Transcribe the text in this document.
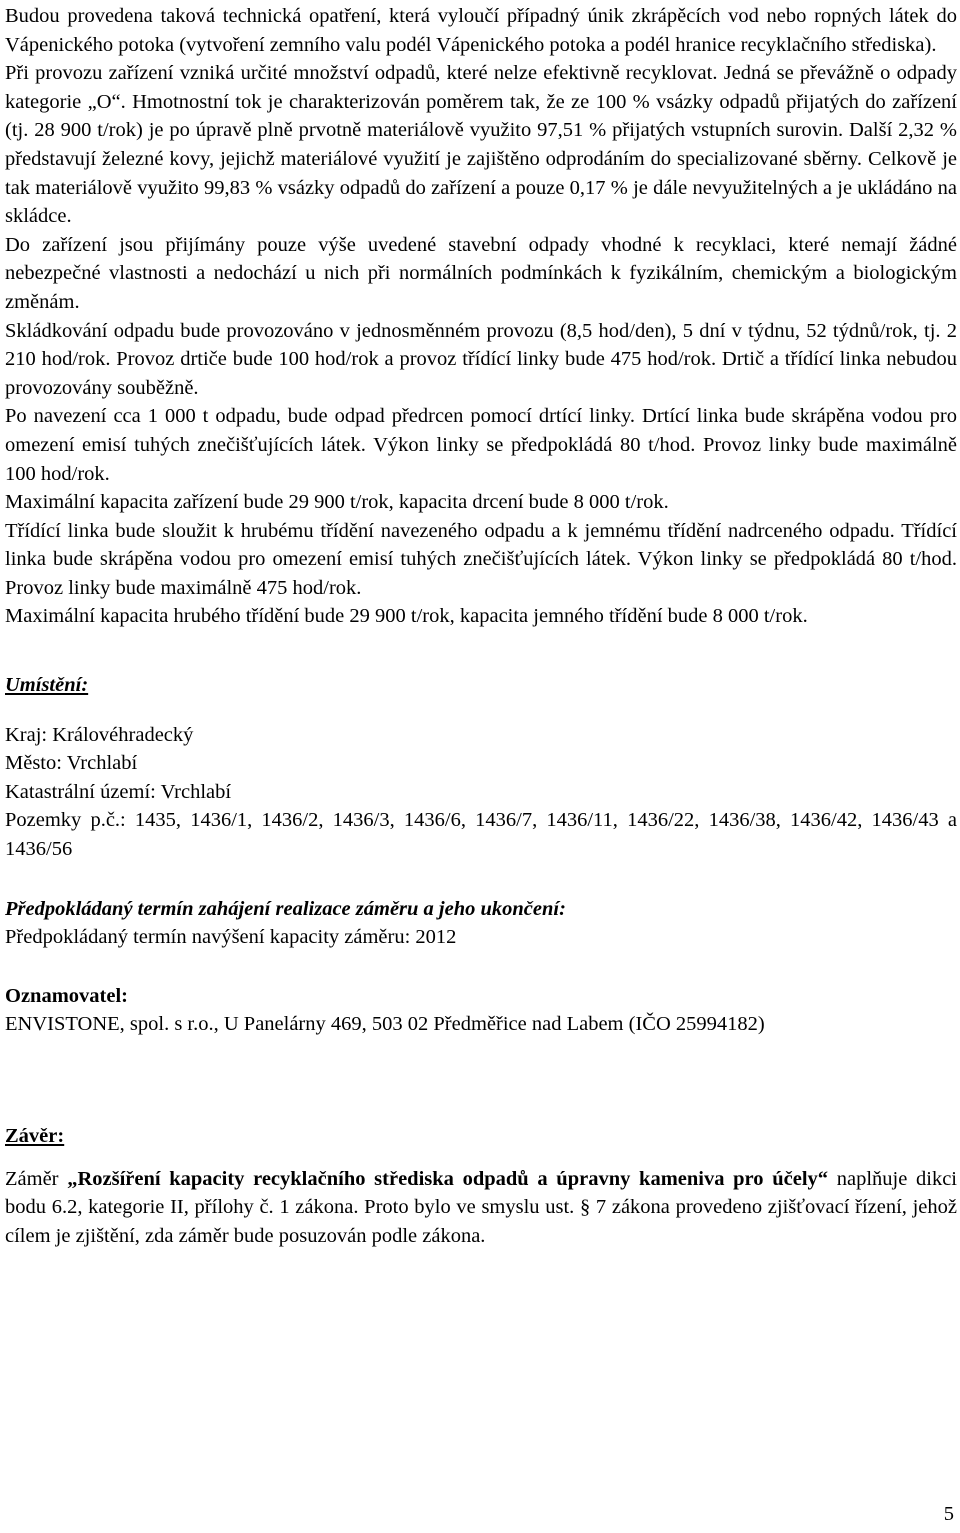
Budou provedena taková technická opatření, která vyloučí případný únik zkrápěcích vod nebo ropných látek do Vápenického potoka (vytvoření zemního valu podél Vápenického potoka a podél hranice recyklačního střediska).

Při provozu zařízení vzniká určité množství odpadů, které nelze efektivně recyklovat. Jedná se převážně o odpady kategorie „O“. Hmotnostní tok je charakterizován poměrem tak, že ze 100 % vsázky odpadů přijatých do zařízení (tj. 28 900 t/rok) je po úpravě plně prvotně materiálově využito 97,51 % přijatých vstupních surovin. Další 2,32 % představují železné kovy, jejichž materiálové využití je zajištěno odprodáním do specializované sběrny. Celkově je tak materiálově využito 99,83 % vsázky odpadů do zařízení a pouze 0,17 % je dále nevyužitelných a je ukládáno na skládce.

Do zařízení jsou přijímány pouze výše uvedené stavební odpady vhodné k recyklaci, které nemají žádné nebezpečné vlastnosti a nedochází u nich při normálních podmínkách k fyzikálním, chemickým a biologickým změnám.

Skládkování odpadu bude provozováno v jednosměnném provozu (8,5 hod/den), 5 dní v týdnu, 52 týdnů/rok, tj. 2 210 hod/rok. Provoz drtiče bude 100 hod/rok a provoz třídící linky bude 475 hod/rok. Drtič a třídící linka nebudou provozovány souběžně.

Po navezení cca 1 000 t odpadu, bude odpad předrcen pomocí drtící linky. Drtící linka bude skrápěna vodou pro omezení emisí tuhých znečišťujících látek. Výkon linky se předpokládá 80 t/hod. Provoz linky bude maximálně 100 hod/rok.

Maximální kapacita zařízení bude 29 900 t/rok, kapacita drcení bude 8 000 t/rok.

Třídící linka bude sloužit k hrubému třídění navezeného odpadu a k jemnému třídění nadrceného odpadu. Třídící linka bude skrápěna vodou pro omezení emisí tuhých znečišťujících látek. Výkon linky se předpokládá 80 t/hod. Provoz linky bude maximálně 475 hod/rok.

Maximální kapacita hrubého třídění bude 29 900 t/rok, kapacita jemného třídění bude 8 000 t/rok.

Umístění:
Kraj: Královéhradecký
Město: Vrchlabí
Katastrální území: Vrchlabí

Pozemky p.č.: 1435, 1436/1, 1436/2, 1436/3, 1436/6, 1436/7, 1436/11, 1436/22, 1436/38, 1436/42, 1436/43 a 1436/56

Předpokládaný termín zahájení realizace záměru a jeho ukončení:
Předpokládaný termín navýšení kapacity záměru: 2012
Oznamovatel:
ENVISTONE, spol. s r.o., U Panelárny 469, 503 02 Předměřice nad Labem (IČO 25994182)
Závěr:

Záměr „Rozšíření kapacity recyklačního střediska odpadů a úpravny kameniva pro účely“ naplňuje dikci bodu 6.2, kategorie II, přílohy č. 1 zákona. Proto bylo ve smyslu ust. § 7 zákona provedeno zjišťovací řízení, jehož cílem je zjištění, zda záměr bude posuzován podle zákona.

5
